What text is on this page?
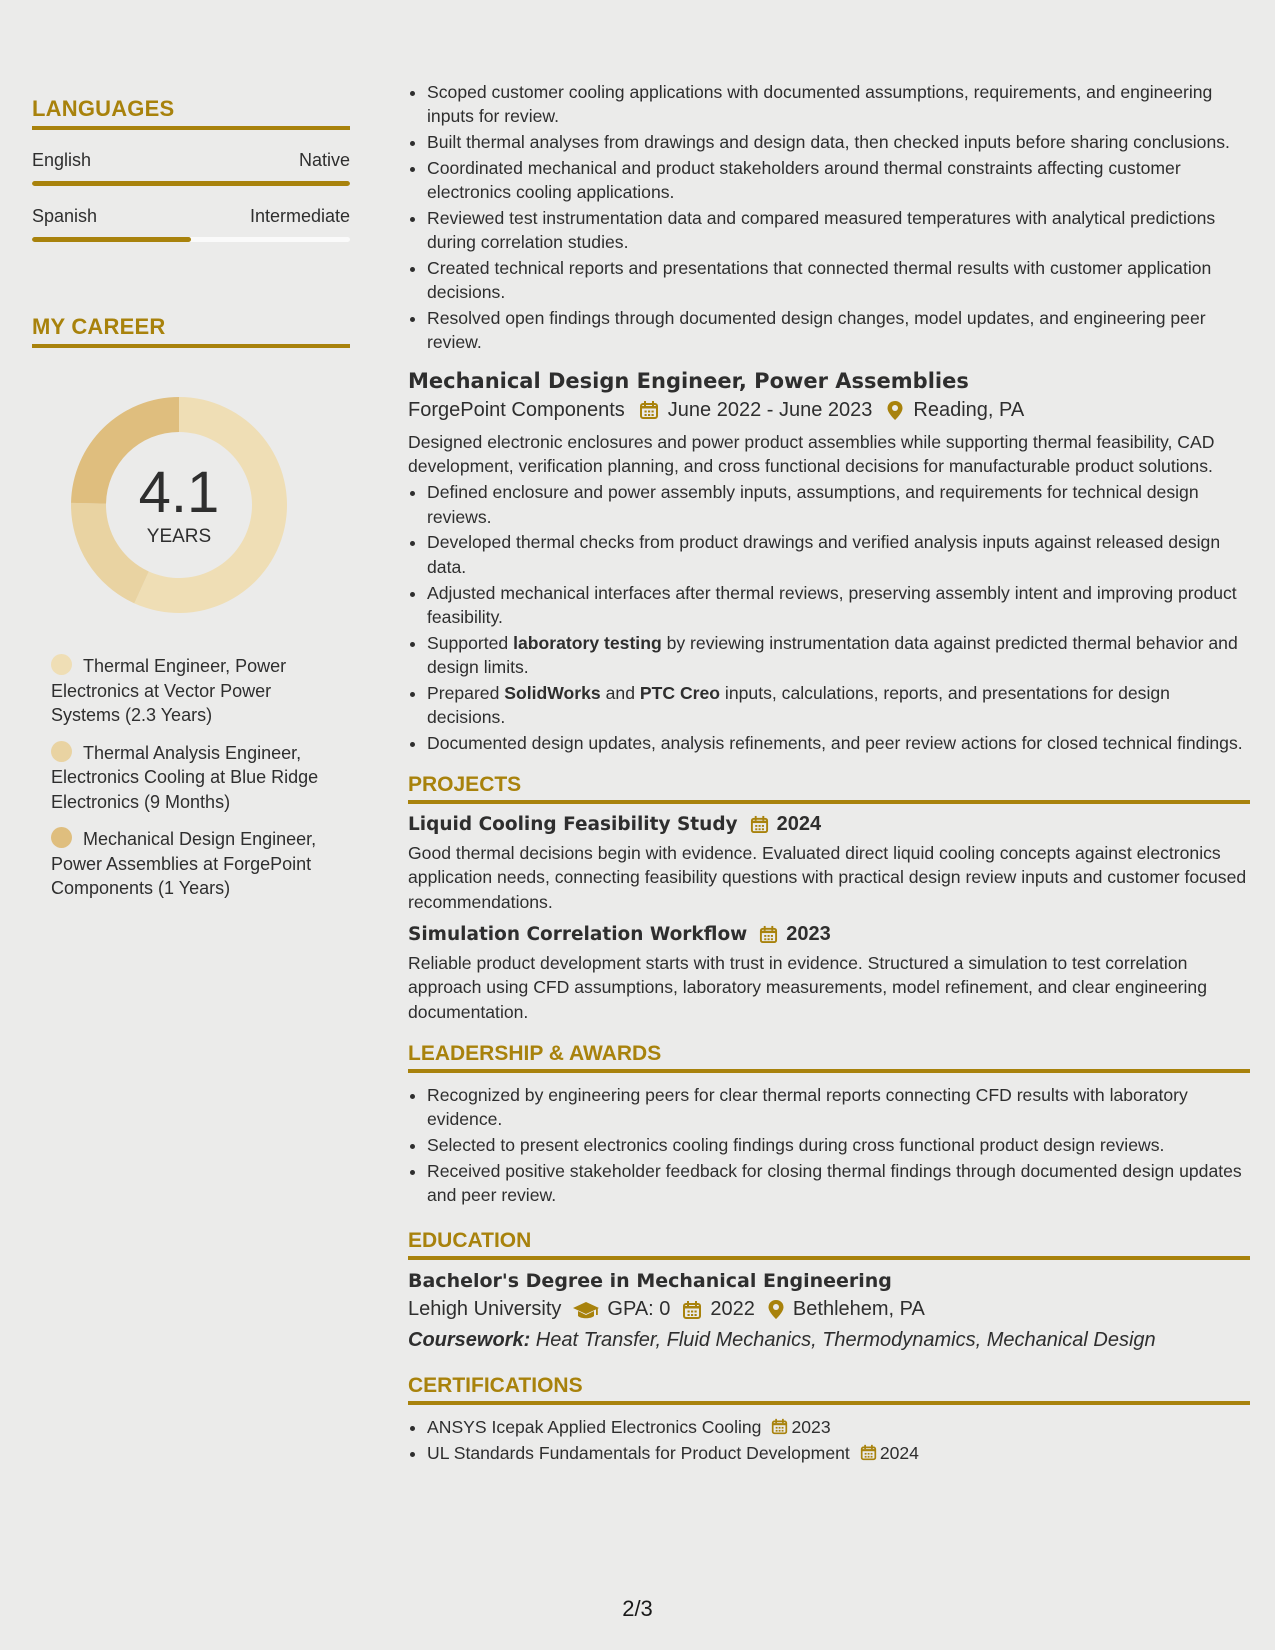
LANGUAGES
English	Native
Spanish	Intermediate
MY CAREER
4.1
YEARS
Thermal Engineer, Power Electronics at Vector Power Systems (2.3 Years)
Thermal Analysis Engineer, Electronics Cooling at Blue Ridge Electronics (9 Months)
Mechanical Design Engineer, Power Assemblies at ForgePoint Components (1 Years)
• Scoped customer cooling applications with documented assumptions, requirements, and engineering inputs for review.
• Built thermal analyses from drawings and design data, then checked inputs before sharing conclusions.
• Coordinated mechanical and product stakeholders around thermal constraints affecting customer electronics cooling applications.
• Reviewed test instrumentation data and compared measured temperatures with analytical predictions during correlation studies.
• Created technical reports and presentations that connected thermal results with customer application decisions.
• Resolved open findings through documented design changes, model updates, and engineering peer review.
Mechanical Design Engineer, Power Assemblies
ForgePoint Components June 2022 - June 2023 Reading, PA
Designed electronic enclosures and power product assemblies while supporting thermal feasibility, CAD development, verification planning, and cross functional decisions for manufacturable product solutions.
• Defined enclosure and power assembly inputs, assumptions, and requirements for technical design reviews.
• Developed thermal checks from product drawings and verified analysis inputs against released design data.
• Adjusted mechanical interfaces after thermal reviews, preserving assembly intent and improving product feasibility.
• Supported laboratory testing by reviewing instrumentation data against predicted thermal behavior and design limits.
• Prepared SolidWorks and PTC Creo inputs, calculations, reports, and presentations for design decisions.
• Documented design updates, analysis refinements, and peer review actions for closed technical findings.
PROJECTS
Liquid Cooling Feasibility Study 2024
Good thermal decisions begin with evidence. Evaluated direct liquid cooling concepts against electronics application needs, connecting feasibility questions with practical design review inputs and customer focused recommendations.
Simulation Correlation Workflow 2023
Reliable product development starts with trust in evidence. Structured a simulation to test correlation approach using CFD assumptions, laboratory measurements, model refinement, and clear engineering documentation.
LEADERSHIP & AWARDS
• Recognized by engineering peers for clear thermal reports connecting CFD results with laboratory evidence.
• Selected to present electronics cooling findings during cross functional product design reviews.
• Received positive stakeholder feedback for closing thermal findings through documented design updates and peer review.
EDUCATION
Bachelor's Degree in Mechanical Engineering
Lehigh University GPA: 0 2022 Bethlehem, PA
Coursework: Heat Transfer, Fluid Mechanics, Thermodynamics, Mechanical Design
CERTIFICATIONS
• ANSYS Icepak Applied Electronics Cooling 2023
• UL Standards Fundamentals for Product Development 2024
2/3
